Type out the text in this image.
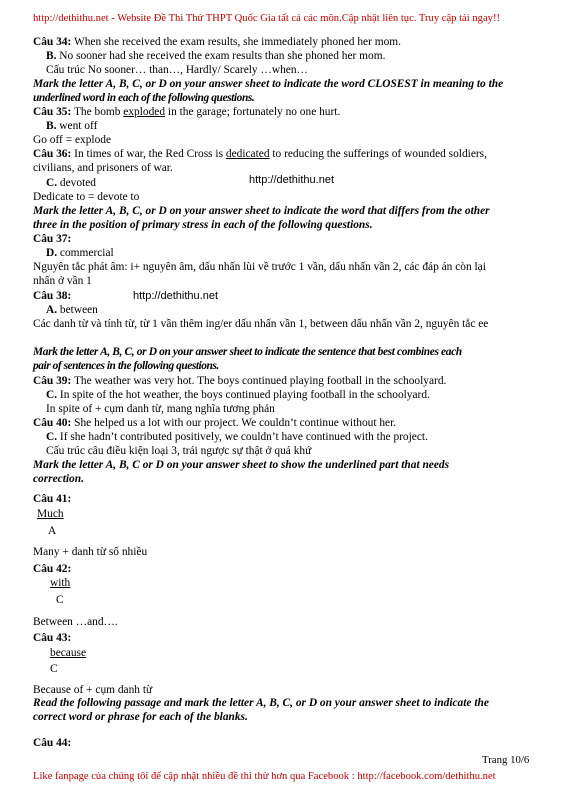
http://dethithu.net - Website Đề Thi Thử THPT Quốc Gia tất cả các môn.Cập nhật liên tục. Truy cập tải ngay!!
Câu 34: When she received the exam results, she immediately phoned her mom.
B. No sooner had she received the exam results than she phoned her mom.
Cấu trúc No sooner… than…, Hardly/ Scarely …when…
Mark the letter A, B, C, or D on your answer sheet to indicate the word CLOSEST in meaning to the
underlined word in each of the following questions.
Câu 35: The bomb exploded in the garage; fortunately no one hurt.
B. went off
Go off = explode
Câu 36: In times of war, the Red Cross is dedicated to reducing the sufferings of wounded soldiers,
civilians, and prisoners of war.
C. devoted	http://dethithu.net
Dedicate to = devote to
Mark the letter A, B, C, or D on your answer sheet to indicate the word that differs from the other
three in the position of primary stress in each of the following questions.
Câu 37:
D. commercial
Nguyên tắc phát âm: i+ nguyên âm, dấu nhấn lùi về trước 1 vần, dấu nhấn vần 2, các đáp án còn lại
nhấn ở vần 1
Câu 38:	http://dethithu.net
A. between
Các danh từ và tính từ, từ 1 vần thêm ing/er dấu nhấn vần 1, between dấu nhấn vần 2, nguyên tắc ee
Mark the letter A, B, C, or D on your answer sheet to indicate the sentence that best combines each
pair of sentences in the following questions.
Câu 39: The weather was very hot. The boys continued playing football in the schoolyard.
C. In spite of the hot weather, the boys continued playing football in the schoolyard.
In spite of + cụm danh từ, mang nghĩa tương phản
Câu 40: She helped us a lot with our project. We couldn’t continue without her.
C. If she hadn’t contributed positively, we couldn’t have continued with the project.
Cấu trúc câu điều kiện loại 3, trái ngược sự thật ở quá khứ
Mark the letter A, B, C or D on your answer sheet to show the underlined part that needs
correction.
Câu 41:
Much
A
Many + danh từ số nhiều
Câu 42:
with
C
Between …and….
Câu 43:
because
C
Because of + cụm danh từ
Read the following passage and mark the letter A, B, C, or D on your answer sheet to indicate the
correct word or phrase for each of the blanks.
Câu 44:
Trang 10/6
Like fanpage của chúng tôi để cập nhật nhiều đề thi thử hơn qua Facebook : http://facebook.com/dethithu.net
